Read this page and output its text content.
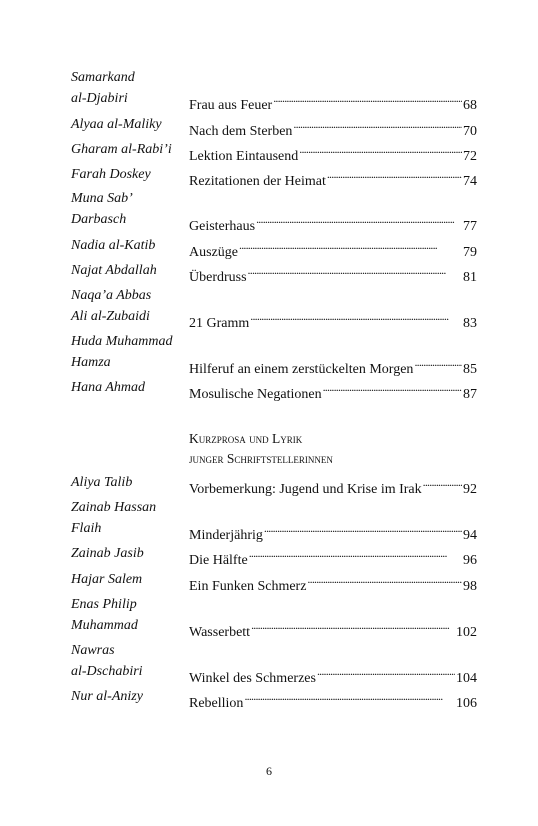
Samarkand
al-Djabiri	Frau aus Feuer . . .	68
Alyaa al-Maliky	Nach dem Sterben . . .	70
Gharam al-Rabi’i	Lektion Eintausend . . .	72
Farah Doskey	Rezitationen der Heimat . . .	74
Muna Sab’
Darbasch	Geisterhaus . . .	77
Nadia al-Katib	Auszüge . . .	79
Najat Abdallah	Überdruss . . .	81
Naqa’a Abbas
Ali al-Zubaidi	21 Gramm . . .	83
Huda Muhammad
Hamza	Hilferuf an einem zerstückelten Morgen . . .	85
Hana Ahmad	Mosulische Negationen . . .	87
Kurzprosa und Lyrik
junger Schriftstellerinnen
Aliya Talib	Vorbemerkung: Jugend und Krise im Irak . . .	92
Zainab Hassan
Flaih	Minderjährig . . .	94
Zainab Jasib	Die Hälfte . . .	96
Hajar Salem	Ein Funken Schmerz . . .	98
Enas Philip
Muhammad	Wasserbett . . .	102
Nawras
al-Dschabiri	Winkel des Schmerzes . . .	104
Nur al-Anizy	Rebellion . . .	106
6
